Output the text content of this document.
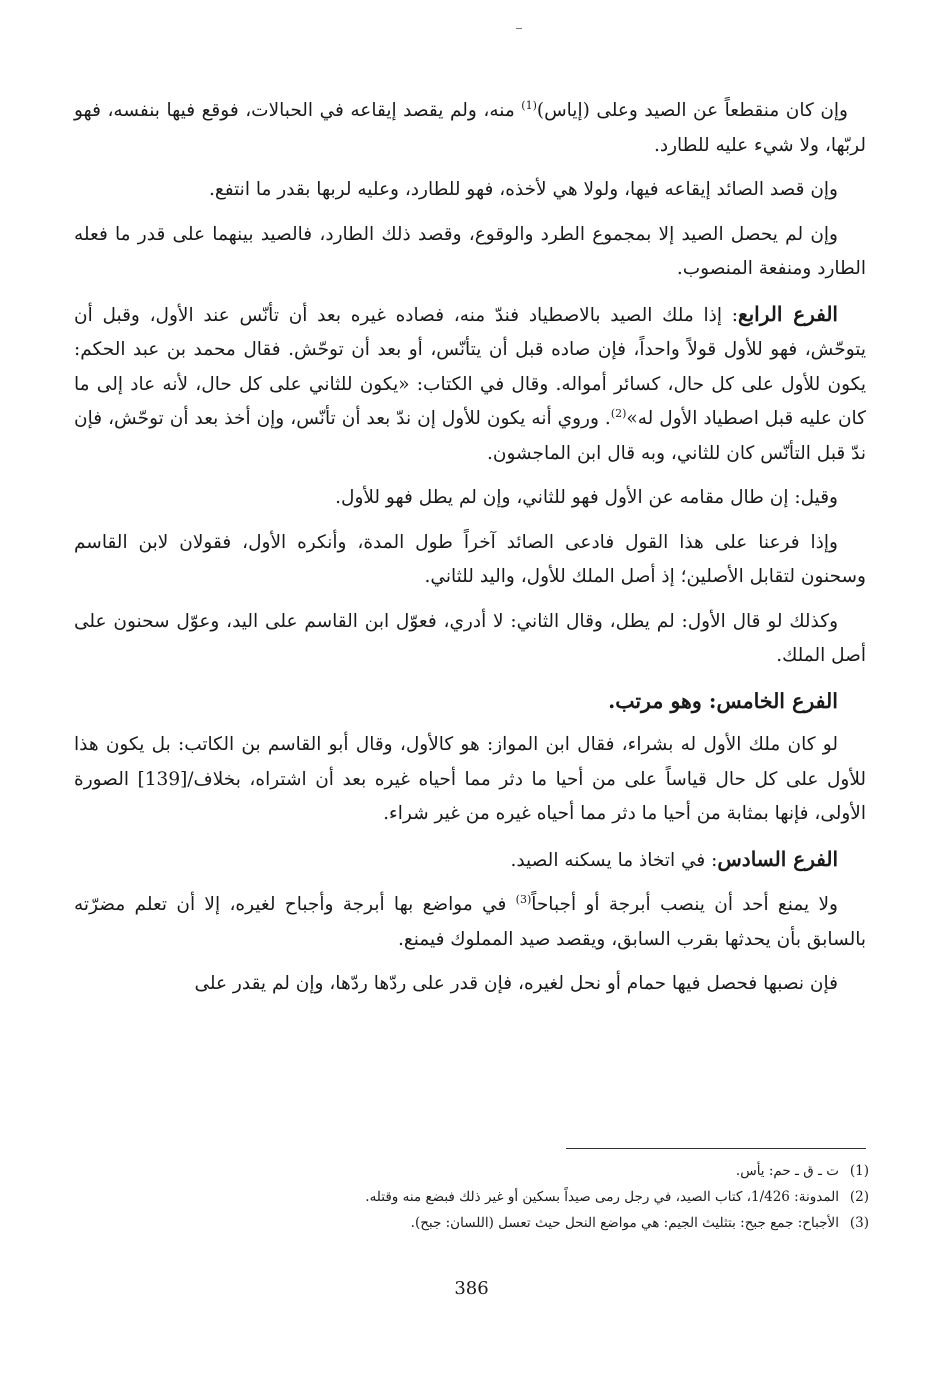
وإن كان منقطعاً عن الصيد وعلى (إياس)$^{(1)}$ منه، ولم يقصد إيقاعه في الحبالات، فوقع فيها بنفسه، فهو لربّها، ولا شيء عليه للطارد.

وإن قصد الصائد إيقاعه فيها، ولولا هي لأخذه، فهو للطارد، وعليه لربها بقدر ما انتفع.

وإن لم يحصل الصيد إلا بمجموع الطرد والوقوع، وقصد ذلك الطارد، فالصيد بينهما على قدر ما فعله الطارد ومنفعة المنصوب.

الفرع الرابع: إذا ملك الصيد بالاصطياد فندّ منه، فصاده غيره بعد أن تأنّس عند الأول، وقبل أن يتوحّش، فهو للأول قولاً واحداً، فإن صاده قبل أن يتأنّس، أو بعد أن توحّش. فقال محمد بن عبد الحكم: يكون للأول على كل حال، كسائر أمواله. وقال في الكتاب: «يكون للثاني على كل حال، لأنه عاد إلى ما كان عليه قبل اصطياد الأول له»$^{(2)}$. وروي أنه يكون للأول إن ندّ بعد أن تأنّس، وإن أخذ بعد أن توحّش، فإن ندّ قبل التأنّس كان للثاني، وبه قال ابن الماجشون.

وقيل: إن طال مقامه عن الأول فهو للثاني، وإن لم يطل فهو للأول.

وإذا فرعنا على هذا القول فادعى الصائد آخراً طول المدة، وأنكره الأول، فقولان لابن القاسم وسحنون لتقابل الأصلين؛ إذ أصل الملك للأول، واليد للثاني.

وكذلك لو قال الأول: لم يطل، وقال الثاني: لا أدري، فعوّل ابن القاسم على اليد، وعوّل سحنون على أصل الملك.

الفرع الخامس: وهو مرتب.

لو كان ملك الأول له بشراء، فقال ابن المواز: هو كالأول، وقال أبو القاسم بن الكاتب: بل يكون هذا للأول على كل حال قياساً على من أحيا ما دثر مما أحياه غيره بعد أن اشتراه، بخلاف/[139] الصورة الأولى، فإنها بمثابة من أحيا ما دثر مما أحياه غيره من غير شراء.

الفرع السادس: في اتخاذ ما يسكنه الصيد.

ولا يمنع أحد أن ينصب أبرجة أو أجباحاً$^{(3)}$ في مواضع بها أبرجة وأجباح لغيره، إلا أن تعلم مضرّته بالسابق بأن يحدثها بقرب السابق، ويقصد صيد المملوك فيمنع.

فإن نصبها فحصل فيها حمام أو نحل لغيره، فإن قدر على ردّها ردّها، وإن لم يقدر على

(1)ت ـ ق ـ حم: يأس.
(2)المدونة: 1/426، كتاب الصيد، في رجل رمى صيداً بسكين أو غير ذلك فبضع منه وقتله.
(3)الأجباح: جمع جبح: بتثليث الجيم: هي مواضع النحل حيث تعسل (اللسان: جبح).
386
